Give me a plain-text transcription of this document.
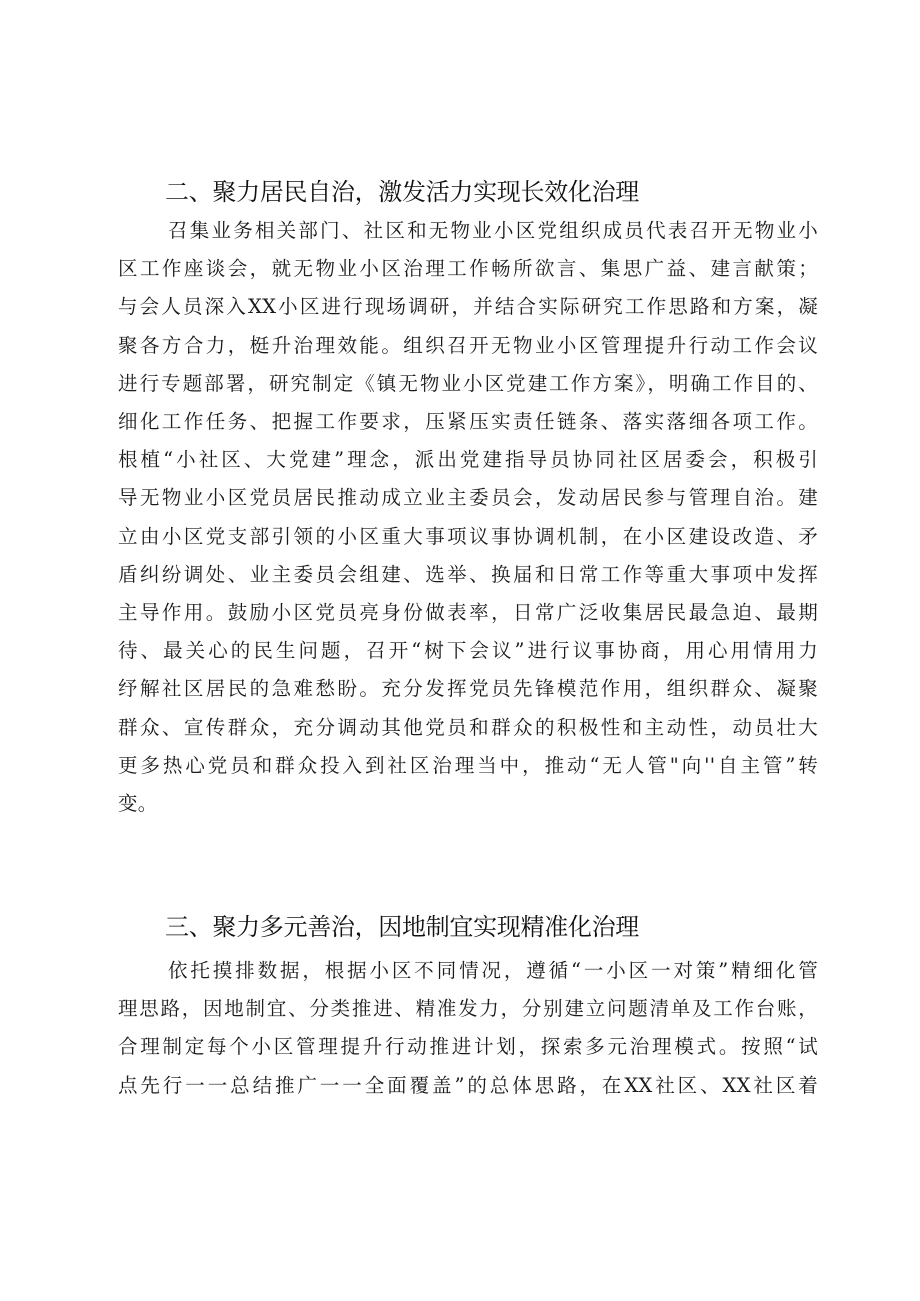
二、聚力居民自治，激发活力实现长效化治理
召集业务相关部门、社区和无物业小区党组织成员代表召开无物业小
区工作座谈会，就无物业小区治理工作畅所欲言、集思广益、建言献策；
与会人员深入XX小区进行现场调研，并结合实际研究工作思路和方案，凝
聚各方合力，梃升治理效能。组织召开无物业小区管理提升行动工作会议
进行专题部署，研究制定《镇无物业小区党建工作方案》，明确工作目的、
细化工作任务、把握工作要求，压紧压实责任链条、落实落细各项工作。
根植“小社区、大党建”理念，派出党建指导员协同社区居委会，积极引
导无物业小区党员居民推动成立业主委员会，发动居民参与管理自治。建
立由小区党支部引领的小区重大事项议事协调机制，在小区建设改造、矛
盾纠纷调处、业主委员会组建、选举、换届和日常工作等重大事项中发挥
主导作用。鼓励小区党员亮身份做表率，日常广泛收集居民最急迫、最期
待、最关心的民生问题，召开“树下会议”进行议事协商，用心用情用力
纾解社区居民的急难愁盼。充分发挥党员先锋模范作用，组织群众、凝聚
群众、宣传群众，充分调动其他党员和群众的积极性和主动性，动员壮大
更多热心党员和群众投入到社区治理当中，推动“无人管"向''自主管”转
变。
三、聚力多元善治，因地制宜实现精准化治理
依托摸排数据，根据小区不同情况，遵循“一小区一对策”精细化管
理思路，因地制宜、分类推进、精准发力，分别建立问题清单及工作台账，
合理制定每个小区管理提升行动推进计划，探索多元治理模式。按照“试
点先行一一总结推广一一全面覆盖”的总体思路，在XX社区、XX社区着
